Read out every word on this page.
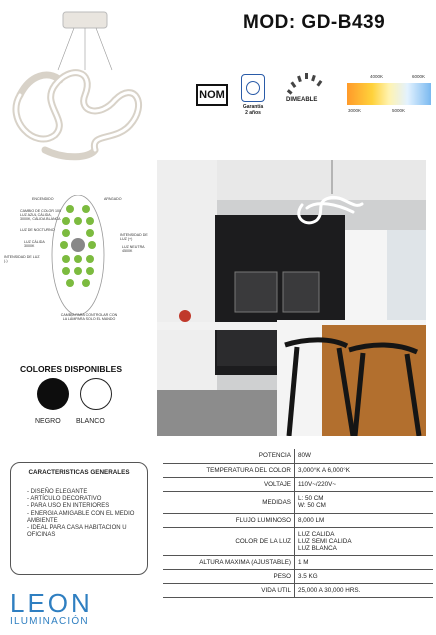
MOD: GD-B439
NOM
Garantía
2 años
DIMEABLE
4000K	6000K
3000K	5000K
ENCENDIDO	APAGADO
CAMBIO DE COLOR 100 LUZ AZUL CÁLIDA, 3000K, CÁLIDA BLANCA
LUZ DE NOCTURNO
INTENSIDAD DE LUZ (+)
LUZ CÁLIDA 3000K	LUZ NEUTRA 4500K
INTENSIDAD DE LUZ (-)
CAMBIA PARA CONTROLAR CON LA LÁMPARA SOLO EL MANDO
COLORES DISPONIBLES
NEGRO BLANCO
CARACTERISTICAS GENERALES
- DISEÑO ELEGANTE
- ARTÍCULO DECORATIVO
- PARA USO EN INTERIORES
- ENERGIA AMIGABLE CON EL MEDIO AMBIENTE
- IDEAL PARA CASA HABITACION U OFICINAS
POTENCIA	80W
TEMPERATURA DEL COLOR	3,000°K A 6,000°K
VOLTAJE	110V~/220V~
MEDIDAS	L: 50 CM
W: 50 CM
FLUJO LUMINOSO	8,000 LM
COLOR DE LA LUZ	LUZ CALIDA
LUZ SEMI CALIDA
LUZ BLANCA
ALTURA MAXIMA (AJUSTABLE)	1 M
PESO	3.5 KG
VIDA UTIL	25,000 A 30,000 HRS.
LEON
ILUMINACIÓN
